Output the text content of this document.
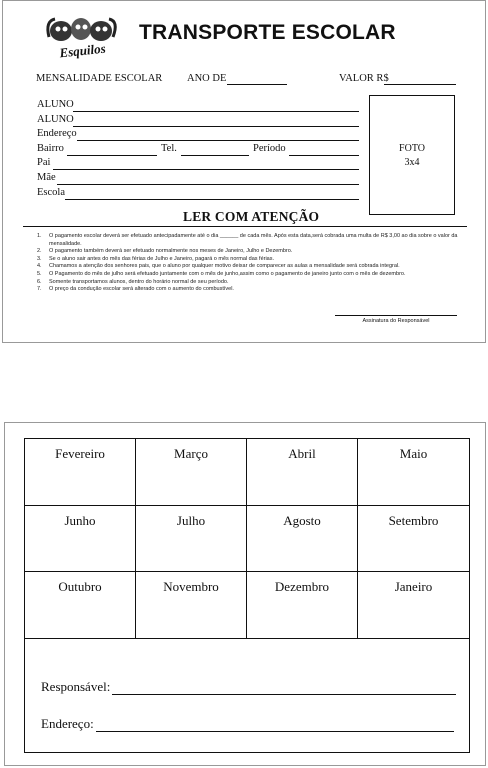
Esquilos
TRANSPORTE ESCOLAR
MENSALIDADE ESCOLAR ANO DE	VALOR R$
ALUNO
ALUNO
Endereço
Bairro	Tel.	Período
Pai
Mãe
Escola
FOTO
3x4
LER COM ATENÇÃO
1. O pagamento escolar deverá ser efetuado antecipadamente até o dia ______ de cada mês. Após esta data,será cobrada uma multa de R$ 3,00 ao dia sobre o valor da mensalidade.
2. O pagamento também deverá ser efetuado normalmente nos meses de Janeiro, Julho e Dezembro.
3. Se o aluno sair antes do mês das férias de Julho e Janeiro, pagará o mês normal das férias.
4. Chamamos a atenção dos senhores pais, que o aluno por qualquer motivo deixar de comparecer as aulas a mensalidade será cobrada integral.
5. O Pagamento do mês de julho será efetuado juntamente com o mês de junho,assim como o pagamento de janeiro junto com o mês de dezembro.
6. Somente transportamos alunos, dentro do horário normal de seu período.
7. O preço da condução escolar será alterado com o aumento do combustível.
Assinatura do Responsável
Fevereiro	Março	Abril	Maio
Junho	Julho	Agosto	Setembro
Outubro	Novembro	Dezembro	Janeiro
Responsável:
Endereço:
